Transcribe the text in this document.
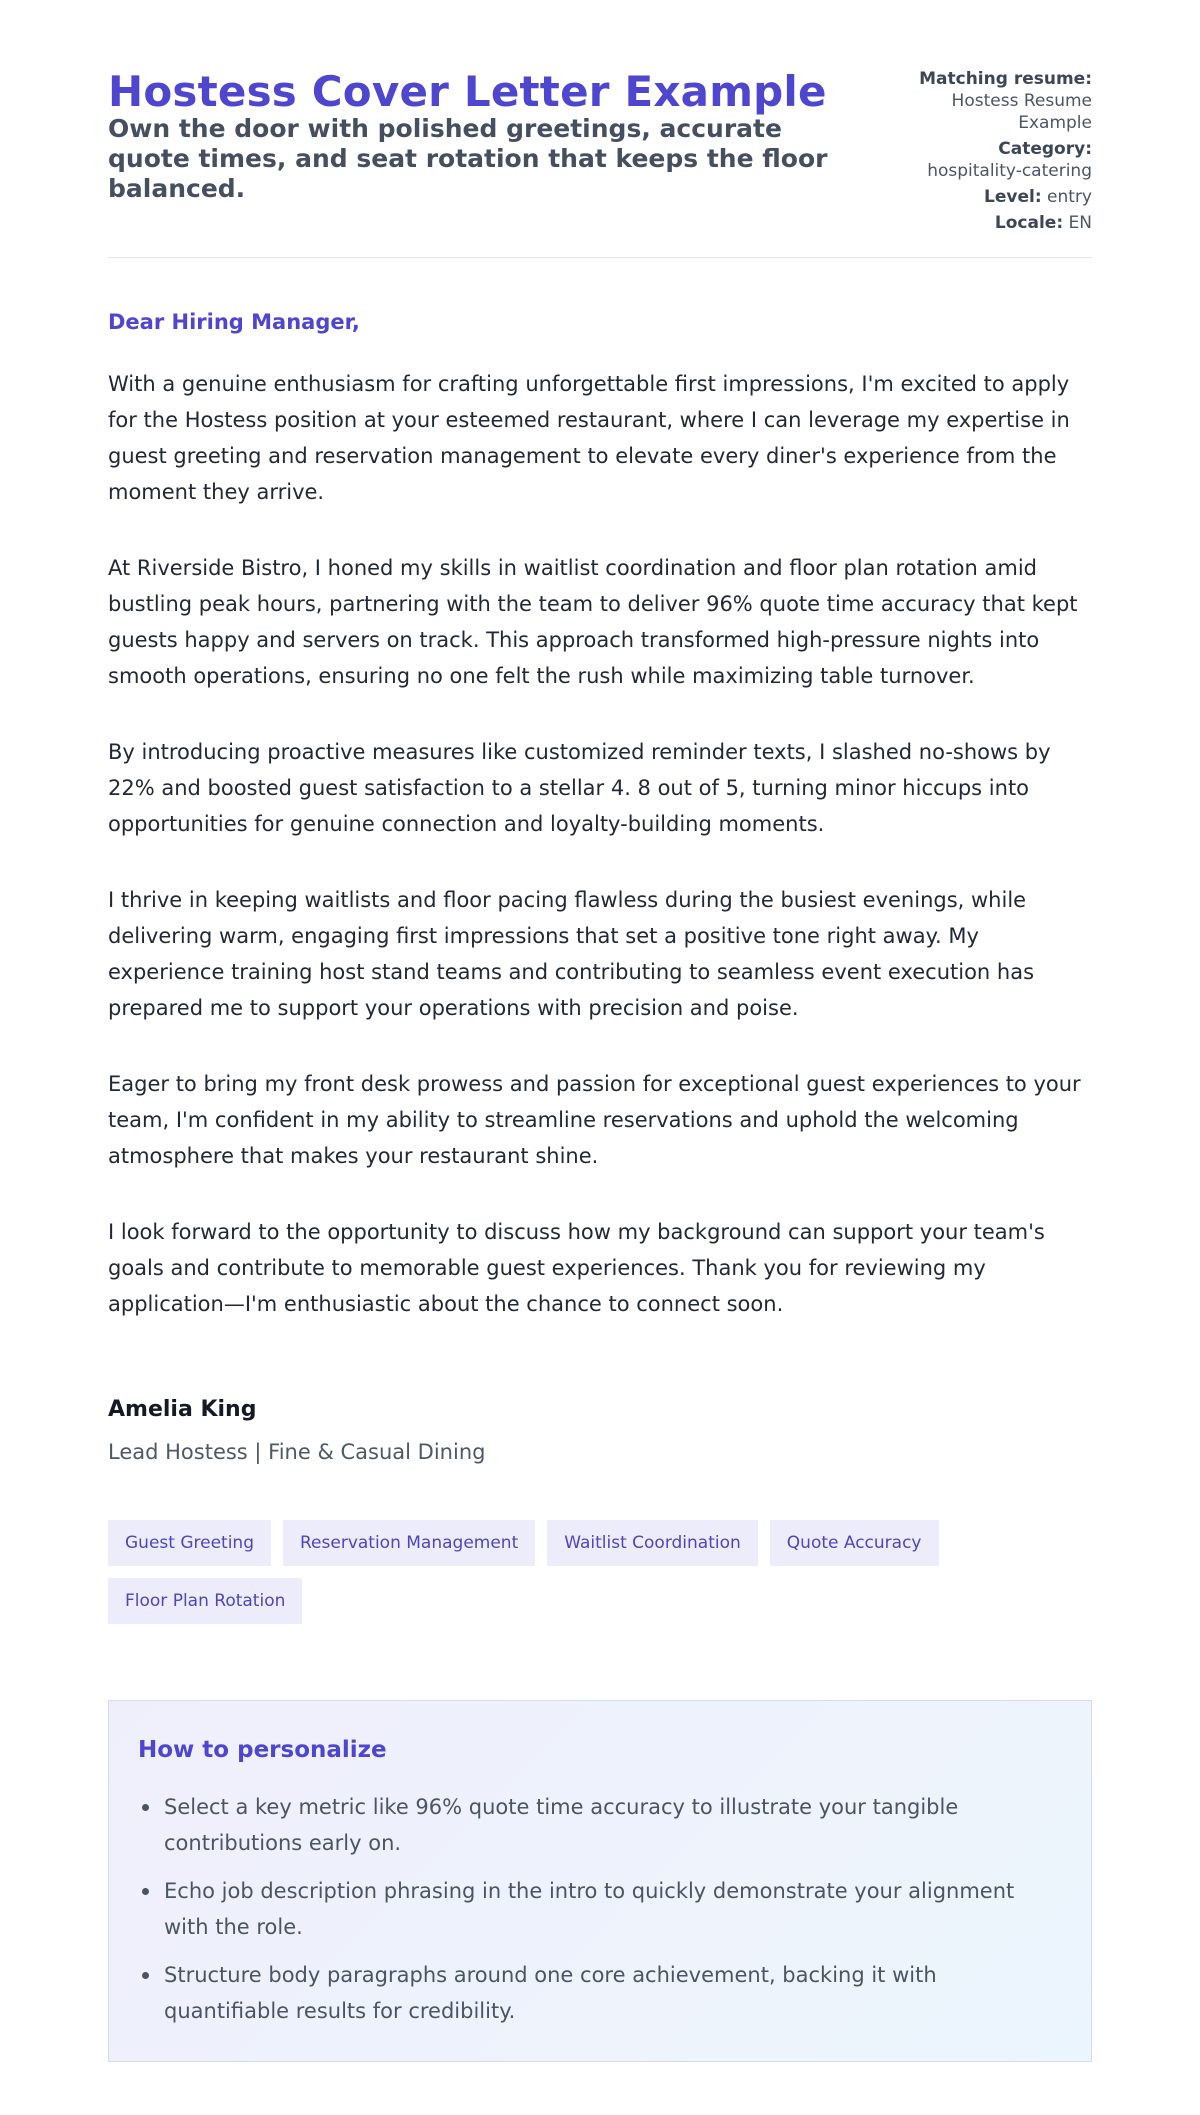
Hostess Cover Letter Example

Own the door with polished greetings, accurate quote times, and seat rotation that keeps the floor balanced.

Matching resume:
Hostess Resume Example
Category:
hospitality-catering
Level: entry
Locale: EN

Dear Hiring Manager,

With a genuine enthusiasm for crafting unforgettable first impressions, I'm excited to apply for the Hostess position at your esteemed restaurant, where I can leverage my expertise in guest greeting and reservation management to elevate every diner's experience from the moment they arrive.

At Riverside Bistro, I honed my skills in waitlist coordination and floor plan rotation amid bustling peak hours, partnering with the team to deliver 96% quote time accuracy that kept guests happy and servers on track. This approach transformed high-pressure nights into smooth operations, ensuring no one felt the rush while maximizing table turnover.

By introducing proactive measures like customized reminder texts, I slashed no-shows by 22% and boosted guest satisfaction to a stellar 4. 8 out of 5, turning minor hiccups into opportunities for genuine connection and loyalty-building moments.

I thrive in keeping waitlists and floor pacing flawless during the busiest evenings, while delivering warm, engaging first impressions that set a positive tone right away. My experience training host stand teams and contributing to seamless event execution has prepared me to support your operations with precision and poise.

Eager to bring my front desk prowess and passion for exceptional guest experiences to your team, I'm confident in my ability to streamline reservations and uphold the welcoming atmosphere that makes your restaurant shine.

I look forward to the opportunity to discuss how my background can support your team's goals and contribute to memorable guest experiences. Thank you for reviewing my application—I'm enthusiastic about the chance to connect soon.

Amelia King

Lead Hostess | Fine & Casual Dining

Guest Greeting	Reservation Management	Waitlist Coordination	Quote Accuracy
Floor Plan Rotation
How to personalize
Select a key metric like 96% quote time accuracy to illustrate your tangible contributions early on.
Echo job description phrasing in the intro to quickly demonstrate your alignment with the role.
Structure body paragraphs around one core achievement, backing it with quantifiable results for credibility.
